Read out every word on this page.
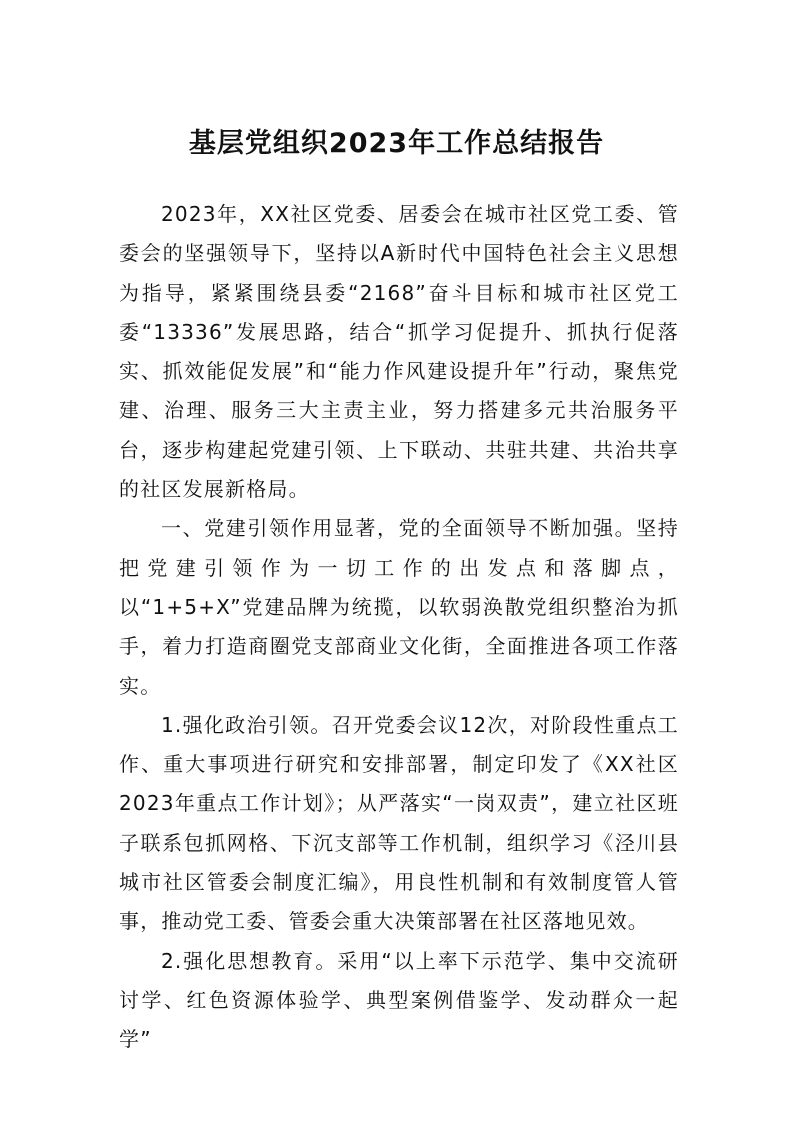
基层党组织2023年工作总结报告

2023年，XX社区党委、居委会在城市社区党工委、管委会的坚强领导下，坚持以A新时代中国特色社会主义思想为指导，紧紧围绕县委“2168”奋斗目标和城市社区党工委“13336”发展思路，结合“抓学习促提升、抓执行促落实、抓效能促发展”和“能力作风建设提升年”行动，聚焦党建、治理、服务三大主责主业，努力搭建多元共治服务平台，逐步构建起党建引领、上下联动、共驻共建、共治共享的社区发展新格局。

一、党建引领作用显著，党的全面领导不断加强。坚持把党建引领作为一切工作的出发点和落脚点，以“1+5+X”党建品牌为统揽，以软弱涣散党组织整治为抓手，着力打造商圈党支部商业文化街，全面推进各项工作落实。

1.强化政治引领。召开党委会议12次，对阶段性重点工作、重大事项进行研究和安排部署，制定印发了《XX社区2023年重点工作计划》；从严落实“一岗双责”，建立社区班子联系包抓网格、下沉支部等工作机制，组织学习《泾川县城市社区管委会制度汇编》，用良性机制和有效制度管人管事，推动党工委、管委会重大决策部署在社区落地见效。

2.强化思想教育。采用“以上率下示范学、集中交流研讨学、红色资源体验学、典型案例借鉴学、发动群众一起学”
